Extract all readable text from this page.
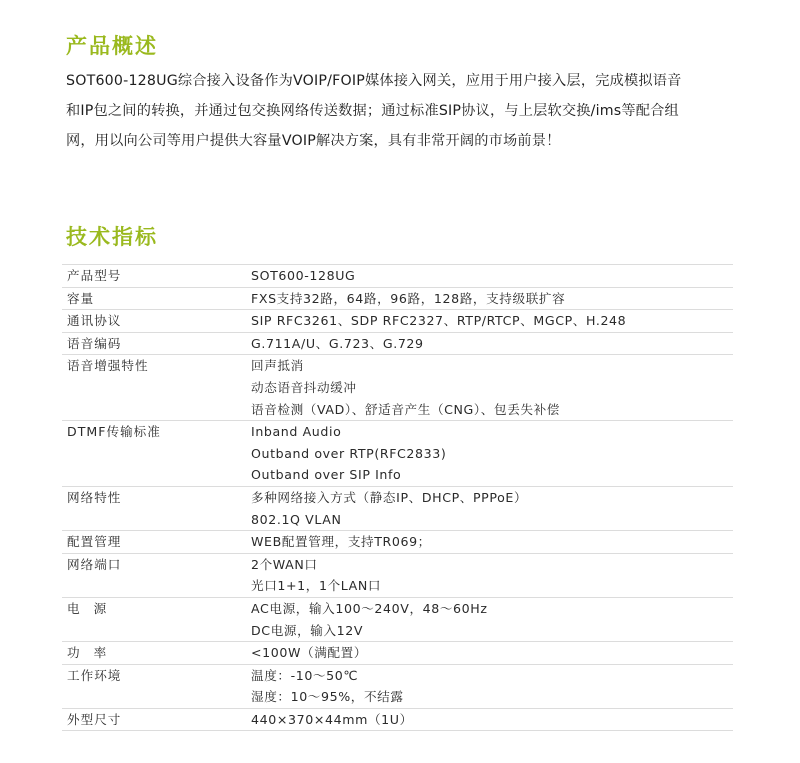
产品概述

SOT600-128UG综合接入设备作为VOIP/FOIP媒体接入网关，应用于用户接入层，完成模拟语音
和IP包之间的转换，并通过包交换网络传送数据；通过标准SIP协议，与上层软交换/ims等配合组
网，用以向公司等用户提供大容量VOIP解决方案，具有非常开阔的市场前景！

技术指标
产品型号	SOT600-128UG

容量	FXS支持32路，64路，96路，128路，支持级联扩容

通讯协议	SIP RFC3261、SDP RFC2327、RTP/RTCP、MGCP、H.248

语音编码	G.711A/U、G.723、G.729

语音增强特性	回声抵消
动态语音抖动缓冲
语音检测（VAD）、舒适音产生（CNG）、包丢失补偿

DTMF传输标准	Inband Audio
Outband over RTP(RFC2833)
Outband over SIP Info

网络特性	多种网络接入方式（静态IP、DHCP、PPPoE）
802.1Q VLAN

配置管理	WEB配置管理，支持TR069；

网络端口	2个WAN口
光口1+1，1个LAN口

电源	AC电源，输入100～240V，48～60Hz
DC电源，输入12V

功率	<100W（满配置）

工作环境	温度：-10～50℃
湿度：10～95%，不结露

外型尺寸	440×370×44mm（1U）
